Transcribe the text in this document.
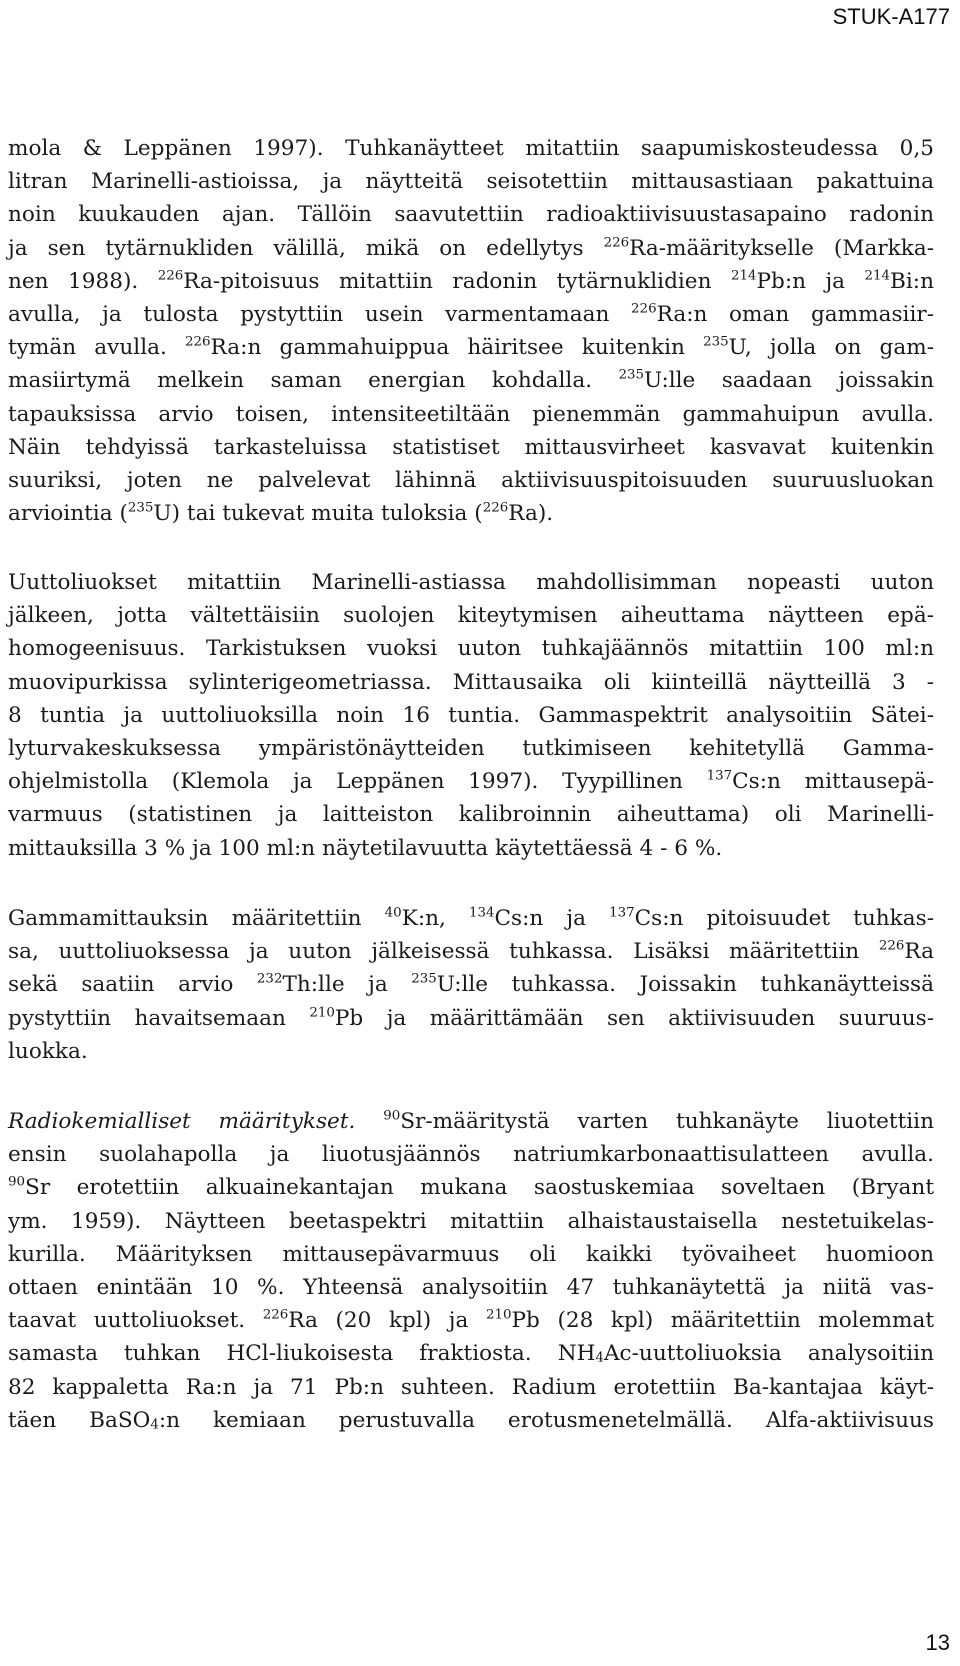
STUK-A177
mola & Leppänen 1997). Tuhkanäytteet mitattiin saapumiskosteudessa 0,5
litran Marinelli-astioissa, ja näytteitä seisotettiin mittausastiaan pakattuina
noin kuukauden ajan. Tällöin saavutettiin radioaktiivisuustasapaino radonin
ja sen tytärnukliden välillä, mikä on edellytys $^{226}$Ra-määritykselle (Markka-
nen 1988). $^{226}$Ra-pitoisuus mitattiin radonin tytärnuklidien $^{214}$Pb:n ja $^{214}$Bi:n
avulla, ja tulosta pystyttiin usein varmentamaan $^{226}$Ra:n oman gammasiir-
tymän avulla. $^{226}$Ra:n gammahuippua häiritsee kuitenkin $^{235}$U, jolla on gam-
masiirtymä melkein saman energian kohdalla. $^{235}$U:lle saadaan joissakin
tapauksissa arvio toisen, intensiteetiltään pienemmän gammahuipun avulla.
Näin tehdyissä tarkasteluissa statistiset mittausvirheet kasvavat kuitenkin
suuriksi, joten ne palvelevat lähinnä aktiivisuuspitoisuuden suuruusluokan
arviointia ($^{235}$U) tai tukevat muita tuloksia ($^{226}$Ra).
Uuttoliuokset mitattiin Marinelli-astiassa mahdollisimman nopeasti uuton
jälkeen, jotta vältettäisiin suolojen kiteytymisen aiheuttama näytteen epä-
homogeenisuus. Tarkistuksen vuoksi uuton tuhkajäännös mitattiin 100 ml:n
muovipurkissa sylinterigeometriassa. Mittausaika oli kiinteillä näytteillä 3 -
8 tuntia ja uuttoliuoksilla noin 16 tuntia. Gammaspektrit analysoitiin Sätei-
lyturvakeskuksessa ympäristönäytteiden tutkimiseen kehitetyllä Gamma-
ohjelmistolla (Klemola ja Leppänen 1997). Tyypillinen $^{137}$Cs:n mittausepä-
varmuus (statistinen ja laitteiston kalibroinnin aiheuttama) oli Marinelli-
mittauksilla 3 % ja 100 ml:n näytetilavuutta käytettäessä 4 - 6 %.
Gammamittauksin määritettiin $^{40}$K:n, $^{134}$Cs:n ja $^{137}$Cs:n pitoisuudet tuhkas-
sa, uuttoliuoksessa ja uuton jälkeisessä tuhkassa. Lisäksi määritettiin $^{226}$Ra
sekä saatiin arvio $^{232}$Th:lle ja $^{235}$U:lle tuhkassa. Joissakin tuhkanäytteissä
pystyttiin havaitsemaan $^{210}$Pb ja määrittämään sen aktiivisuuden suuruus-
luokka.
Radiokemialliset määritykset. $^{90}$Sr-määritystä varten tuhkanäyte liuotettiin
ensin suolahapolla ja liuotusjäännös natriumkarbonaattisulatteen avulla.
$^{90}$Sr erotettiin alkuainekantajan mukana saostuskemiaa soveltaen (Bryant
ym. 1959). Näytteen beetaspektri mitattiin alhaistaustaisella nestetuikelas-
kurilla. Määrityksen mittausepävarmuus oli kaikki työvaiheet huomioon
ottaen enintään 10 %. Yhteensä analysoitiin 47 tuhkanäytettä ja niitä vas-
taavat uuttoliuokset. $^{226}$Ra (20 kpl) ja $^{210}$Pb (28 kpl) määritettiin molemmat
samasta tuhkan HCl-liukoisesta fraktiosta. $NH_4Ac$-uuttoliuoksia analysoitiin
82 kappaletta Ra:n ja 71 Pb:n suhteen. Radium erotettiin Ba-kantajaa käyt-
täen BaSO$_4$:n kemiaan perustuvalla erotusmenetelmällä. Alfa-aktiivisuus
13
